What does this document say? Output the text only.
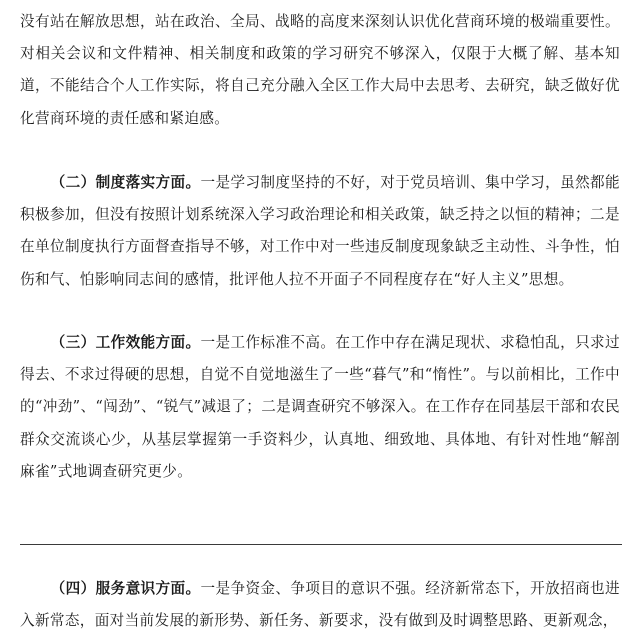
没有站在解放思想，站在政治、全局、战略的高度来深刻认识优化营商环境的极端重要性。对相关会议和文件精神、相关制度和政策的学习研究不够深入，仅限于大概了解、基本知道，不能结合个人工作实际，将自己充分融入全区工作大局中去思考、去研究，缺乏做好优化营商环境的责任感和紧迫感。

（二）制度落实方面。一是学习制度坚持的不好，对于党员培训、集中学习，虽然都能积极参加，但没有按照计划系统深入学习政治理论和相关政策，缺乏持之以恒的精神；二是在单位制度执行方面督查指导不够，对工作中对一些违反制度现象缺乏主动性、斗争性，怕伤和气、怕影响同志间的感情，批评他人拉不开面子不同程度存在“好人主义”思想。

（三）工作效能方面。一是工作标准不高。在工作中存在满足现状、求稳怕乱，只求过得去、不求过得硬的思想，自觉不自觉地滋生了一些“暮气”和“惰性”。与以前相比，工作中的“冲劲”、“闯劲”、“锐气”减退了；二是调查研究不够深入。在工作存在同基层干部和农民群众交流谈心少，从基层掌握第一手资料少，认真地、细致地、具体地、有针对性地“解剖麻雀”式地调查研究更少。

（四）服务意识方面。一是争资金、争项目的意识不强。经济新常态下，开放招商也进入新常态，面对当前发展的新形势、新任务、新要求，没有做到及时调整思路、更新观念，
